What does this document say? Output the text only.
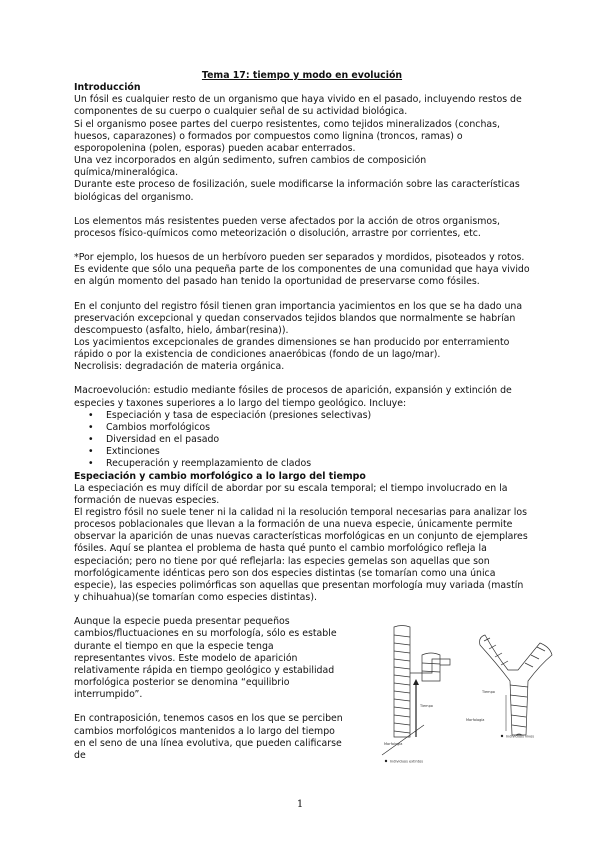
Tema 17: tiempo y modo en evolución

Introducción

Un fósil es cualquier resto de un organismo que haya vivido en el pasado, incluyendo restos de componentes de su cuerpo o cualquier señal de su actividad biológica.

Si el organismo posee partes del cuerpo resistentes, como tejidos mineralizados (conchas, huesos, caparazones) o formados por compuestos como lignina (troncos, ramas) o esporopolenina (polen, esporas) pueden acabar enterrados.

Una vez incorporados en algún sedimento, sufren cambios de composición química/mineralógica.

Durante este proceso de fosilización, suele modificarse la información sobre las características biológicas del organismo.

Los elementos más resistentes pueden verse afectados por la acción de otros organismos, procesos físico-químicos como meteorización o disolución, arrastre por corrientes, etc.

*Por ejemplo, los huesos de un herbívoro pueden ser separados y mordidos, pisoteados y rotos.

Es evidente que sólo una pequeña parte de los componentes de una comunidad que haya vivido en algún momento del pasado han tenido la oportunidad de preservarse como fósiles.

En el conjunto del registro fósil tienen gran importancia yacimientos en los que se ha dado una preservación excepcional y quedan conservados tejidos blandos que normalmente se habrían descompuesto (asfalto, hielo, ámbar(resina)).

Los yacimientos excepcionales de grandes dimensiones se han producido por enterramiento rápido o por la existencia de condiciones anaeróbicas (fondo de un lago/mar).

Necrolisis: degradación de materia orgánica.

Macroevolución: estudio mediante fósiles de procesos de aparición, expansión y extinción de especies y taxones superiores a lo largo del tiempo geológico. Incluye:

• Especiación y tasa de especiación (presiones selectivas)
• Cambios morfológicos
• Diversidad en el pasado
• Extinciones
• Recuperación y reemplazamiento de clados

Especiación y cambio morfológico a lo largo del tiempo

La especiación es muy difícil de abordar por su escala temporal; el tiempo involucrado en la formación de nuevas especies.

El registro fósil no suele tener ni la calidad ni la resolución temporal necesarias para analizar los procesos poblacionales que llevan a la formación de una nueva especie, únicamente permite observar la aparición de unas nuevas características morfológicas en un conjunto de ejemplares fósiles. Aquí se plantea el problema de hasta qué punto el cambio morfológico refleja la especiación; pero no tiene por qué reflejarla: las especies gemelas son aquellas que son morfológicamente idénticas pero son dos especies distintas (se tomarían como una única especie), las especies polimórficas son aquellas que presentan morfología muy variada (mastín y chihuahua)(se tomarían como especies distintas).

Aunque la especie pueda presentar pequeños cambios/fluctuaciones en su morfología, sólo es estable durante el tiempo en que la especie tenga representantes vivos. Este modelo de aparición relativamente rápida en tiempo geológico y estabilidad morfológica posterior se denomina “equilibrio interrumpido”.

En contraposición, tenemos casos en los que se perciben cambios morfológicos mantenidos a lo largo del tiempo en el seno de una línea evolutiva, que pueden calificarse de

Tiempo
Morfología
Individuos extintos
Tiempo
Morfología
Individuos vivos
1
